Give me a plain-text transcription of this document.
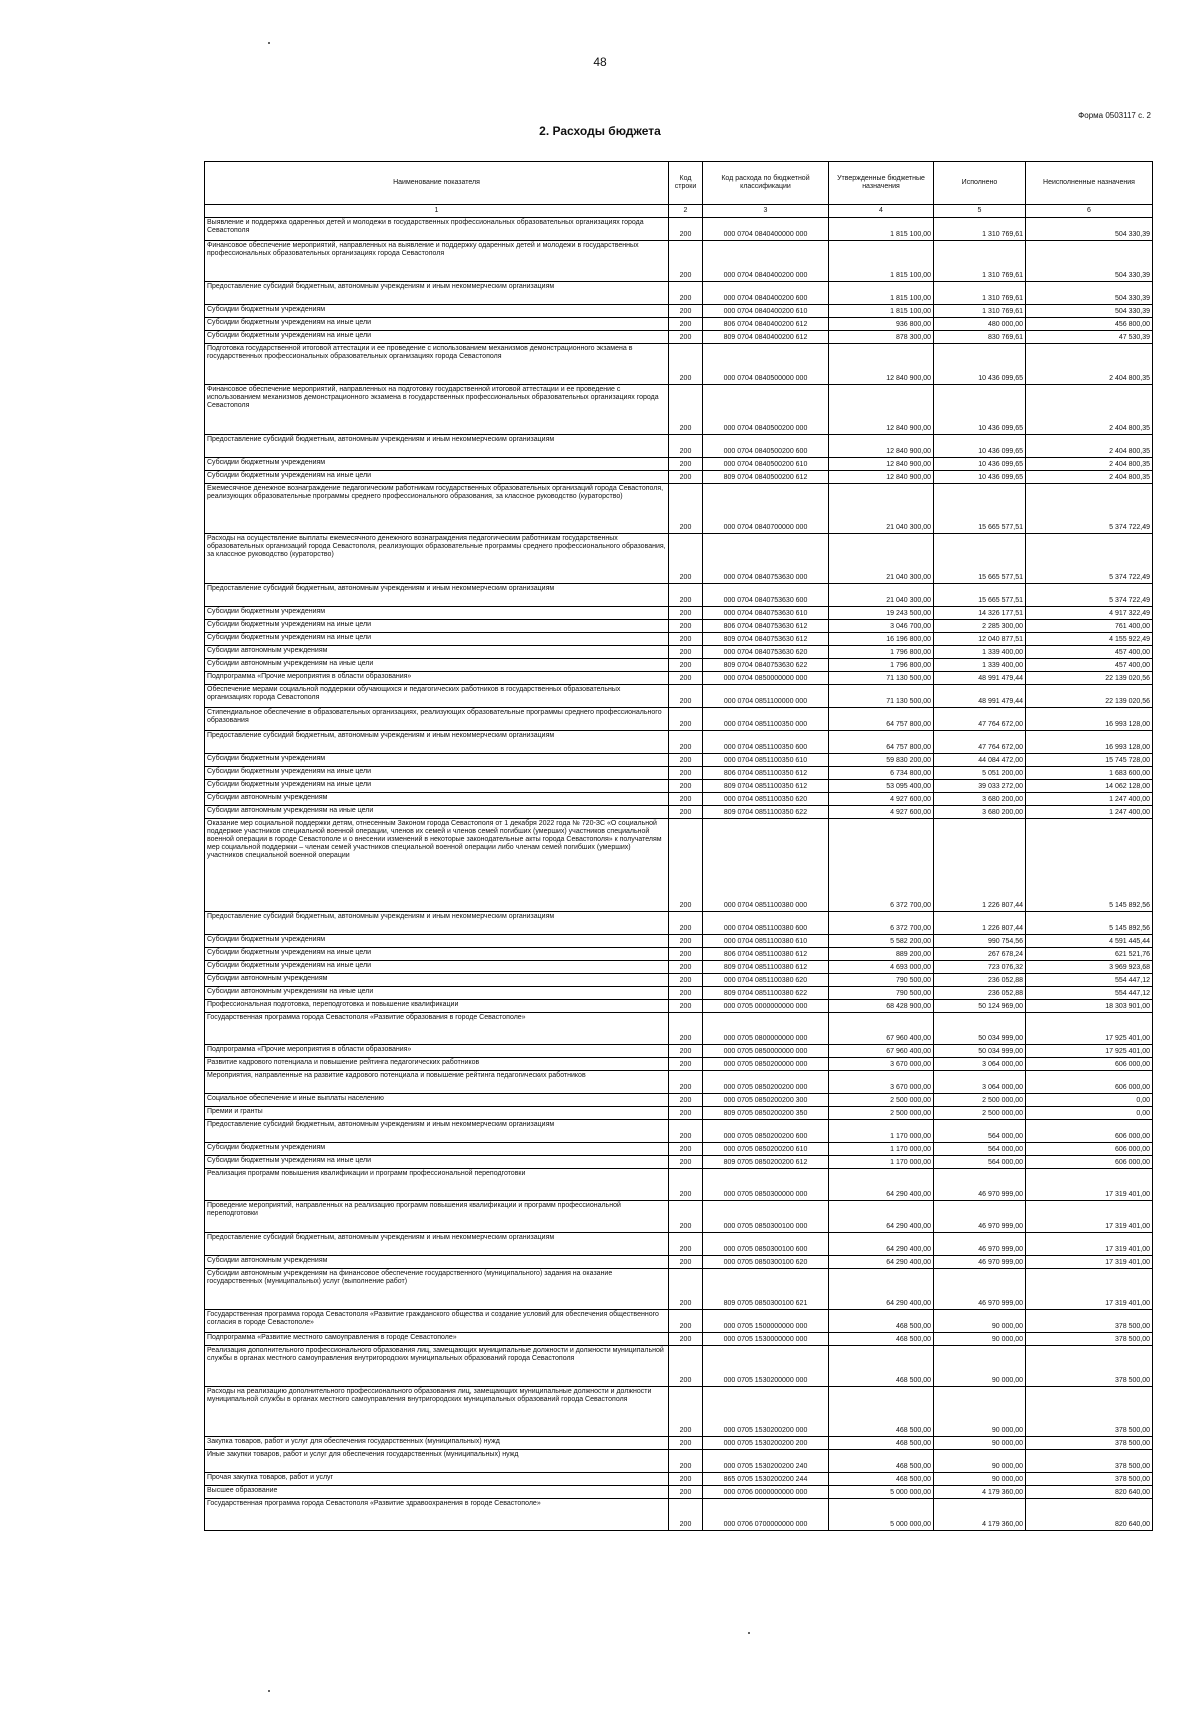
48
Форма 0503117 с. 2
2. Расходы бюджета
Наименование показателя	Код строки	Код расхода по бюджетной классификации	Утвержденные бюджетные назначения	Исполнено	Неисполненные назначения
1	2	3	4	5	6
Выявление и поддержка одаренных детей и молодежи в государственных профессиональных образовательных организациях города Севастополя	200	000 0704 0840400000 000	1 815 100,00	1 310 769,61	504 330,39
Финансовое обеспечение мероприятий, направленных на выявление и поддержку одаренных детей и молодежи в государственных профессиональных образовательных организациях города Севастополя	200	000 0704 0840400200 000	1 815 100,00	1 310 769,61	504 330,39
Предоставление субсидий бюджетным, автономным учреждениям и иным некоммерческим организациям	200	000 0704 0840400200 600	1 815 100,00	1 310 769,61	504 330,39
Субсидии бюджетным учреждениям	200	000 0704 0840400200 610	1 815 100,00	1 310 769,61	504 330,39
Субсидии бюджетным учреждениям на иные цели	200	806 0704 0840400200 612	936 800,00	480 000,00	456 800,00
Субсидии бюджетным учреждениям на иные цели	200	809 0704 0840400200 612	878 300,00	830 769,61	47 530,39
Подготовка государственной итоговой аттестации и ее проведение с использованием механизмов демонстрационного экзамена в государственных профессиональных образовательных организациях города Севастополя	200	000 0704 0840500000 000	12 840 900,00	10 436 099,65	2 404 800,35
Финансовое обеспечение мероприятий, направленных на подготовку государственной итоговой аттестации и ее проведение с использованием механизмов демонстрационного экзамена в государственных профессиональных образовательных организациях города Севастополя	200	000 0704 0840500200 000	12 840 900,00	10 436 099,65	2 404 800,35
Предоставление субсидий бюджетным, автономным учреждениям и иным некоммерческим организациям	200	000 0704 0840500200 600	12 840 900,00	10 436 099,65	2 404 800,35
Субсидии бюджетным учреждениям	200	000 0704 0840500200 610	12 840 900,00	10 436 099,65	2 404 800,35
Субсидии бюджетным учреждениям на иные цели	200	809 0704 0840500200 612	12 840 900,00	10 436 099,65	2 404 800,35
Ежемесячное денежное вознаграждение педагогическим работникам государственных образовательных организаций города Севастополя, реализующих образовательные программы среднего профессионального образования, за классное руководство (кураторство)	200	000 0704 0840700000 000	21 040 300,00	15 665 577,51	5 374 722,49
Расходы на осуществление выплаты ежемесячного денежного вознаграждения педагогическим работникам государственных образовательных организаций города Севастополя, реализующих образовательные программы среднего профессионального образования, за классное руководство (кураторство)	200	000 0704 0840753630 000	21 040 300,00	15 665 577,51	5 374 722,49
Предоставление субсидий бюджетным, автономным учреждениям и иным некоммерческим организациям	200	000 0704 0840753630 600	21 040 300,00	15 665 577,51	5 374 722,49
Субсидии бюджетным учреждениям	200	000 0704 0840753630 610	19 243 500,00	14 326 177,51	4 917 322,49
Субсидии бюджетным учреждениям на иные цели	200	806 0704 0840753630 612	3 046 700,00	2 285 300,00	761 400,00
Субсидии бюджетным учреждениям на иные цели	200	809 0704 0840753630 612	16 196 800,00	12 040 877,51	4 155 922,49
Субсидии автономным учреждениям	200	000 0704 0840753630 620	1 796 800,00	1 339 400,00	457 400,00
Субсидии автономным учреждениям на иные цели	200	809 0704 0840753630 622	1 796 800,00	1 339 400,00	457 400,00
Подпрограмма «Прочие мероприятия в области образования»	200	000 0704 0850000000 000	71 130 500,00	48 991 479,44	22 139 020,56
Обеспечение мерами социальной поддержки обучающихся и педагогических работников в государственных образовательных организациях города Севастополя	200	000 0704 0851100000 000	71 130 500,00	48 991 479,44	22 139 020,56
Стипендиальное обеспечение в образовательных организациях, реализующих образовательные программы среднего профессионального образования	200	000 0704 0851100350 000	64 757 800,00	47 764 672,00	16 993 128,00
Предоставление субсидий бюджетным, автономным учреждениям и иным некоммерческим организациям	200	000 0704 0851100350 600	64 757 800,00	47 764 672,00	16 993 128,00
Субсидии бюджетным учреждениям	200	000 0704 0851100350 610	59 830 200,00	44 084 472,00	15 745 728,00
Субсидии бюджетным учреждениям на иные цели	200	806 0704 0851100350 612	6 734 800,00	5 051 200,00	1 683 600,00
Субсидии бюджетным учреждениям на иные цели	200	809 0704 0851100350 612	53 095 400,00	39 033 272,00	14 062 128,00
Субсидии автономным учреждениям	200	000 0704 0851100350 620	4 927 600,00	3 680 200,00	1 247 400,00
Субсидии автономным учреждениям на иные цели	200	809 0704 0851100350 622	4 927 600,00	3 680 200,00	1 247 400,00
Оказание мер социальной поддержки детям, отнесенным Законом города Севастополя от 1 декабря 2022 года № 720-ЗС «О социальной поддержке участников специальной военной операции, членов их семей и членов семей погибших (умерших) участников специальной военной операции в городе Севастополе и о внесении изменений в некоторые законодательные акты города Севастополя» к получателям мер социальной поддержки – членам семей участников специальной военной операции либо членам семей погибших (умерших) участников специальной военной операции	200	000 0704 0851100380 000	6 372 700,00	1 226 807,44	5 145 892,56
Предоставление субсидий бюджетным, автономным учреждениям и иным некоммерческим организациям	200	000 0704 0851100380 600	6 372 700,00	1 226 807,44	5 145 892,56
Субсидии бюджетным учреждениям	200	000 0704 0851100380 610	5 582 200,00	990 754,56	4 591 445,44
Субсидии бюджетным учреждениям на иные цели	200	806 0704 0851100380 612	889 200,00	267 678,24	621 521,76
Субсидии бюджетным учреждениям на иные цели	200	809 0704 0851100380 612	4 693 000,00	723 076,32	3 969 923,68
Субсидии автономным учреждениям	200	000 0704 0851100380 620	790 500,00	236 052,88	554 447,12
Субсидии автономным учреждениям на иные цели	200	809 0704 0851100380 622	790 500,00	236 052,88	554 447,12
Профессиональная подготовка, переподготовка и повышение квалификации	200	000 0705 0000000000 000	68 428 900,00	50 124 969,00	18 303 901,00
Государственная программа города Севастополя «Развитие образования в городе Севастополе»	200	000 0705 0800000000 000	67 960 400,00	50 034 999,00	17 925 401,00
Подпрограмма «Прочие мероприятия в области образования»	200	000 0705 0850000000 000	67 960 400,00	50 034 999,00	17 925 401,00
Развитие кадрового потенциала и повышение рейтинга педагогических работников	200	000 0705 0850200000 000	3 670 000,00	3 064 000,00	606 000,00
Мероприятия, направленные на развитие кадрового потенциала и повышение рейтинга педагогических работников	200	000 0705 0850200200 000	3 670 000,00	3 064 000,00	606 000,00
Социальное обеспечение и иные выплаты населению	200	000 0705 0850200200 300	2 500 000,00	2 500 000,00	0,00
Премии и гранты	200	809 0705 0850200200 350	2 500 000,00	2 500 000,00	0,00
Предоставление субсидий бюджетным, автономным учреждениям и иным некоммерческим организациям	200	000 0705 0850200200 600	1 170 000,00	564 000,00	606 000,00
Субсидии бюджетным учреждениям	200	000 0705 0850200200 610	1 170 000,00	564 000,00	606 000,00
Субсидии бюджетным учреждениям на иные цели	200	809 0705 0850200200 612	1 170 000,00	564 000,00	606 000,00
Реализация программ повышения квалификации и программ профессиональной переподготовки	200	000 0705 0850300000 000	64 290 400,00	46 970 999,00	17 319 401,00
Проведение мероприятий, направленных на реализацию программ повышения квалификации и программ профессиональной переподготовки	200	000 0705 0850300100 000	64 290 400,00	46 970 999,00	17 319 401,00
Предоставление субсидий бюджетным, автономным учреждениям и иным некоммерческим организациям	200	000 0705 0850300100 600	64 290 400,00	46 970 999,00	17 319 401,00
Субсидии автономным учреждениям	200	000 0705 0850300100 620	64 290 400,00	46 970 999,00	17 319 401,00
Субсидии автономным учреждениям на финансовое обеспечение государственного (муниципального) задания на оказание государственных (муниципальных) услуг (выполнение работ)	200	809 0705 0850300100 621	64 290 400,00	46 970 999,00	17 319 401,00
Государственная программа города Севастополя «Развитие гражданского общества и создание условий для обеспечения общественного согласия в городе Севастополе»	200	000 0705 1500000000 000	468 500,00	90 000,00	378 500,00
Подпрограмма «Развитие местного самоуправления в городе Севастополе»	200	000 0705 1530000000 000	468 500,00	90 000,00	378 500,00
Реализация дополнительного профессионального образования лиц, замещающих муниципальные должности и должности муниципальной службы в органах местного самоуправления внутригородских муниципальных образований города Севастополя	200	000 0705 1530200000 000	468 500,00	90 000,00	378 500,00
Расходы на реализацию дополнительного профессионального образования лиц, замещающих муниципальные должности и должности муниципальной службы в органах местного самоуправления внутригородских муниципальных образований города Севастополя	200	000 0705 1530200200 000	468 500,00	90 000,00	378 500,00
Закупка товаров, работ и услуг для обеспечения государственных (муниципальных) нужд	200	000 0705 1530200200 200	468 500,00	90 000,00	378 500,00
Иные закупки товаров, работ и услуг для обеспечения государственных (муниципальных) нужд	200	000 0705 1530200200 240	468 500,00	90 000,00	378 500,00
Прочая закупка товаров, работ и услуг	200	865 0705 1530200200 244	468 500,00	90 000,00	378 500,00
Высшее образование	200	000 0706 0000000000 000	5 000 000,00	4 179 360,00	820 640,00
Государственная программа города Севастополя «Развитие здравоохранения в городе Севастополе»	200	000 0706 0700000000 000	5 000 000,00	4 179 360,00	820 640,00
